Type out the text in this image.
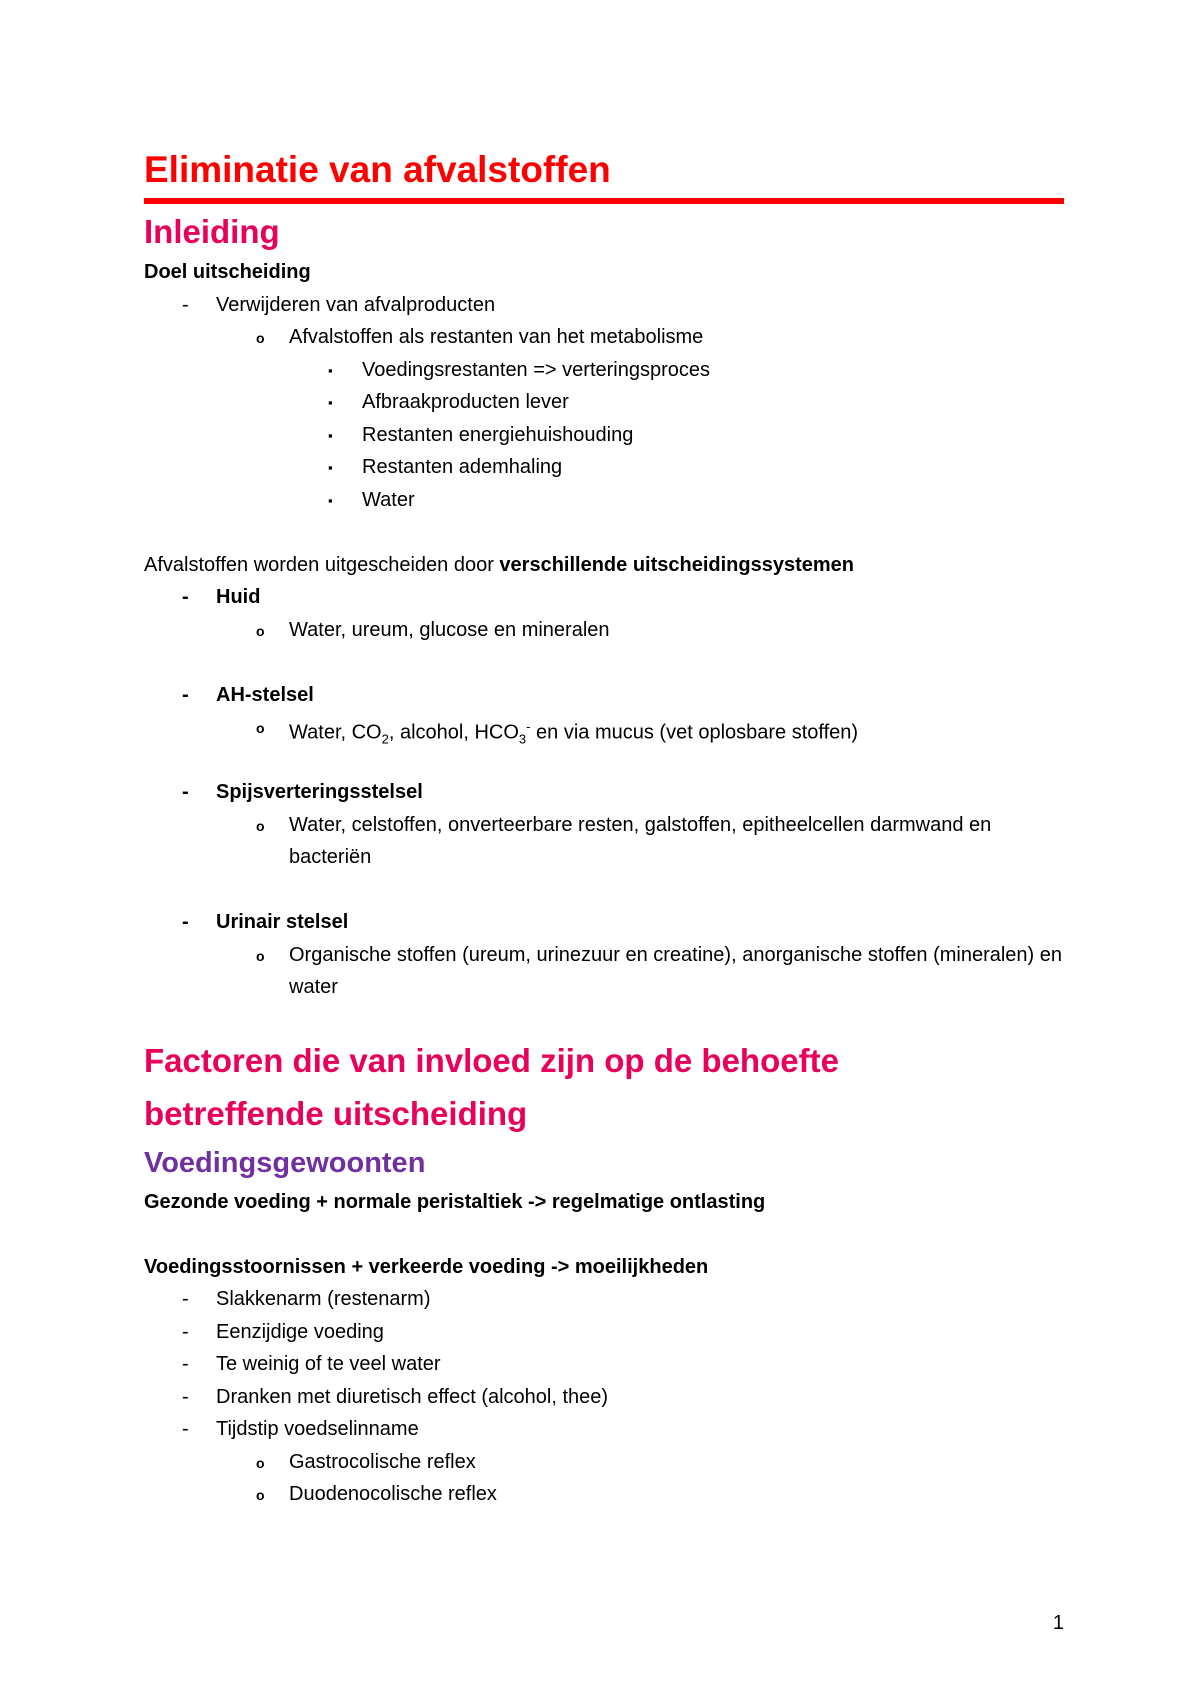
Eliminatie van afvalstoffen
Inleiding
Doel uitscheiding
- Verwijderen van afvalproducten
o Afvalstoffen als restanten van het metabolisme
▪ Voedingsrestanten => verteringsproces
▪ Afbraakproducten lever
▪ Restanten energiehuishouding
▪ Restanten ademhaling
▪ Water
Afvalstoffen worden uitgescheiden door verschillende uitscheidingssystemen
- Huid
o Water, ureum, glucose en mineralen
- AH-stelsel
o Water, $CO_2$, alcohol, $HCO_3^-$ en via mucus (vet oplosbare stoffen)
- Spijsverteringsstelsel
o Water, celstoffen, onverteerbare resten, galstoffen, epitheelcellen darmwand en bacteriën
- Urinair stelsel
o Organische stoffen (ureum, urinezuur en creatine), anorganische stoffen (mineralen) en water
Factoren die van invloed zijn op de behoefte betreffende uitscheiding
Voedingsgewoonten
Gezonde voeding + normale peristaltiek -> regelmatige ontlasting
Voedingsstoornissen + verkeerde voeding -> moeilijkheden
- Slakkenarm (restenarm)
- Eenzijdige voeding
- Te weinig of te veel water
- Dranken met diuretisch effect (alcohol, thee)
- Tijdstip voedselinname
o Gastrocolische reflex
o Duodenocolische reflex
1
